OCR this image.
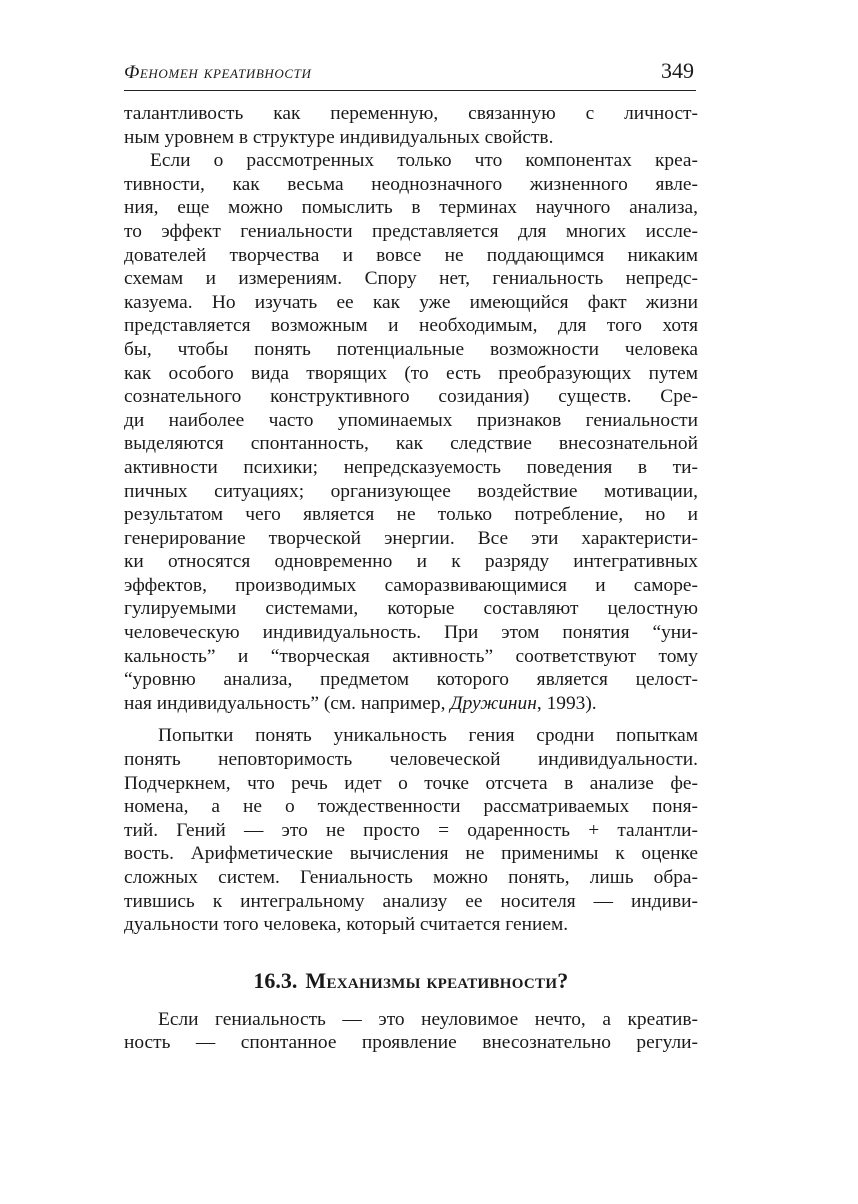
Феномен креативности	349
талантливость как переменную, связанную с личност-
ным уровнем в структуре индивидуальных свойств.
Если о рассмотренных только что компонентах креа-
тивности, как весьма неоднозначного жизненного явле-
ния, еще можно помыслить в терминах научного анализа,
то эффект гениальности представляется для многих иссле-
дователей творчества и вовсе не поддающимся никаким
схемам и измерениям. Спору нет, гениальность непредс-
казуема. Но изучать ее как уже имеющийся факт жизни
представляется возможным и необходимым, для того хотя
бы, чтобы понять потенциальные возможности человека
как особого вида творящих (то есть преобразующих путем
сознательного конструктивного созидания) существ. Сре-
ди наиболее часто упоминаемых признаков гениальности
выделяются спонтанность, как следствие внесознательной
активности психики; непредсказуемость поведения в ти-
пичных ситуациях; организующее воздействие мотивации,
результатом чего является не только потребление, но и
генерирование творческой энергии. Все эти характеристи-
ки относятся одновременно и к разряду интегративных
эффектов, производимых саморазвивающимися и саморе-
гулируемыми системами, которые составляют целостную
человеческую индивидуальность. При этом понятия “уни-
кальность” и “творческая активность” соответствуют тому
“уровню анализа, предметом которого является целост-
ная индивидуальность” (см. например, Дружинин, 1993).
Попытки понять уникальность гения сродни попыткам
понять неповторимость человеческой индивидуальности.
Подчеркнем, что речь идет о точке отсчета в анализе фе-
номена, а не о тождественности рассматриваемых поня-
тий. Гений — это не просто = одаренность + талантли-
вость. Арифметические вычисления не применимы к оценке
сложных систем. Гениальность можно понять, лишь обра-
тившись к интегральному анализу ее носителя — индиви-
дуальности того человека, который считается гением.
16.3. Механизмы креативности?
Если гениальность — это неуловимое нечто, а креатив-
ность — спонтанное проявление внесознательно регули-
